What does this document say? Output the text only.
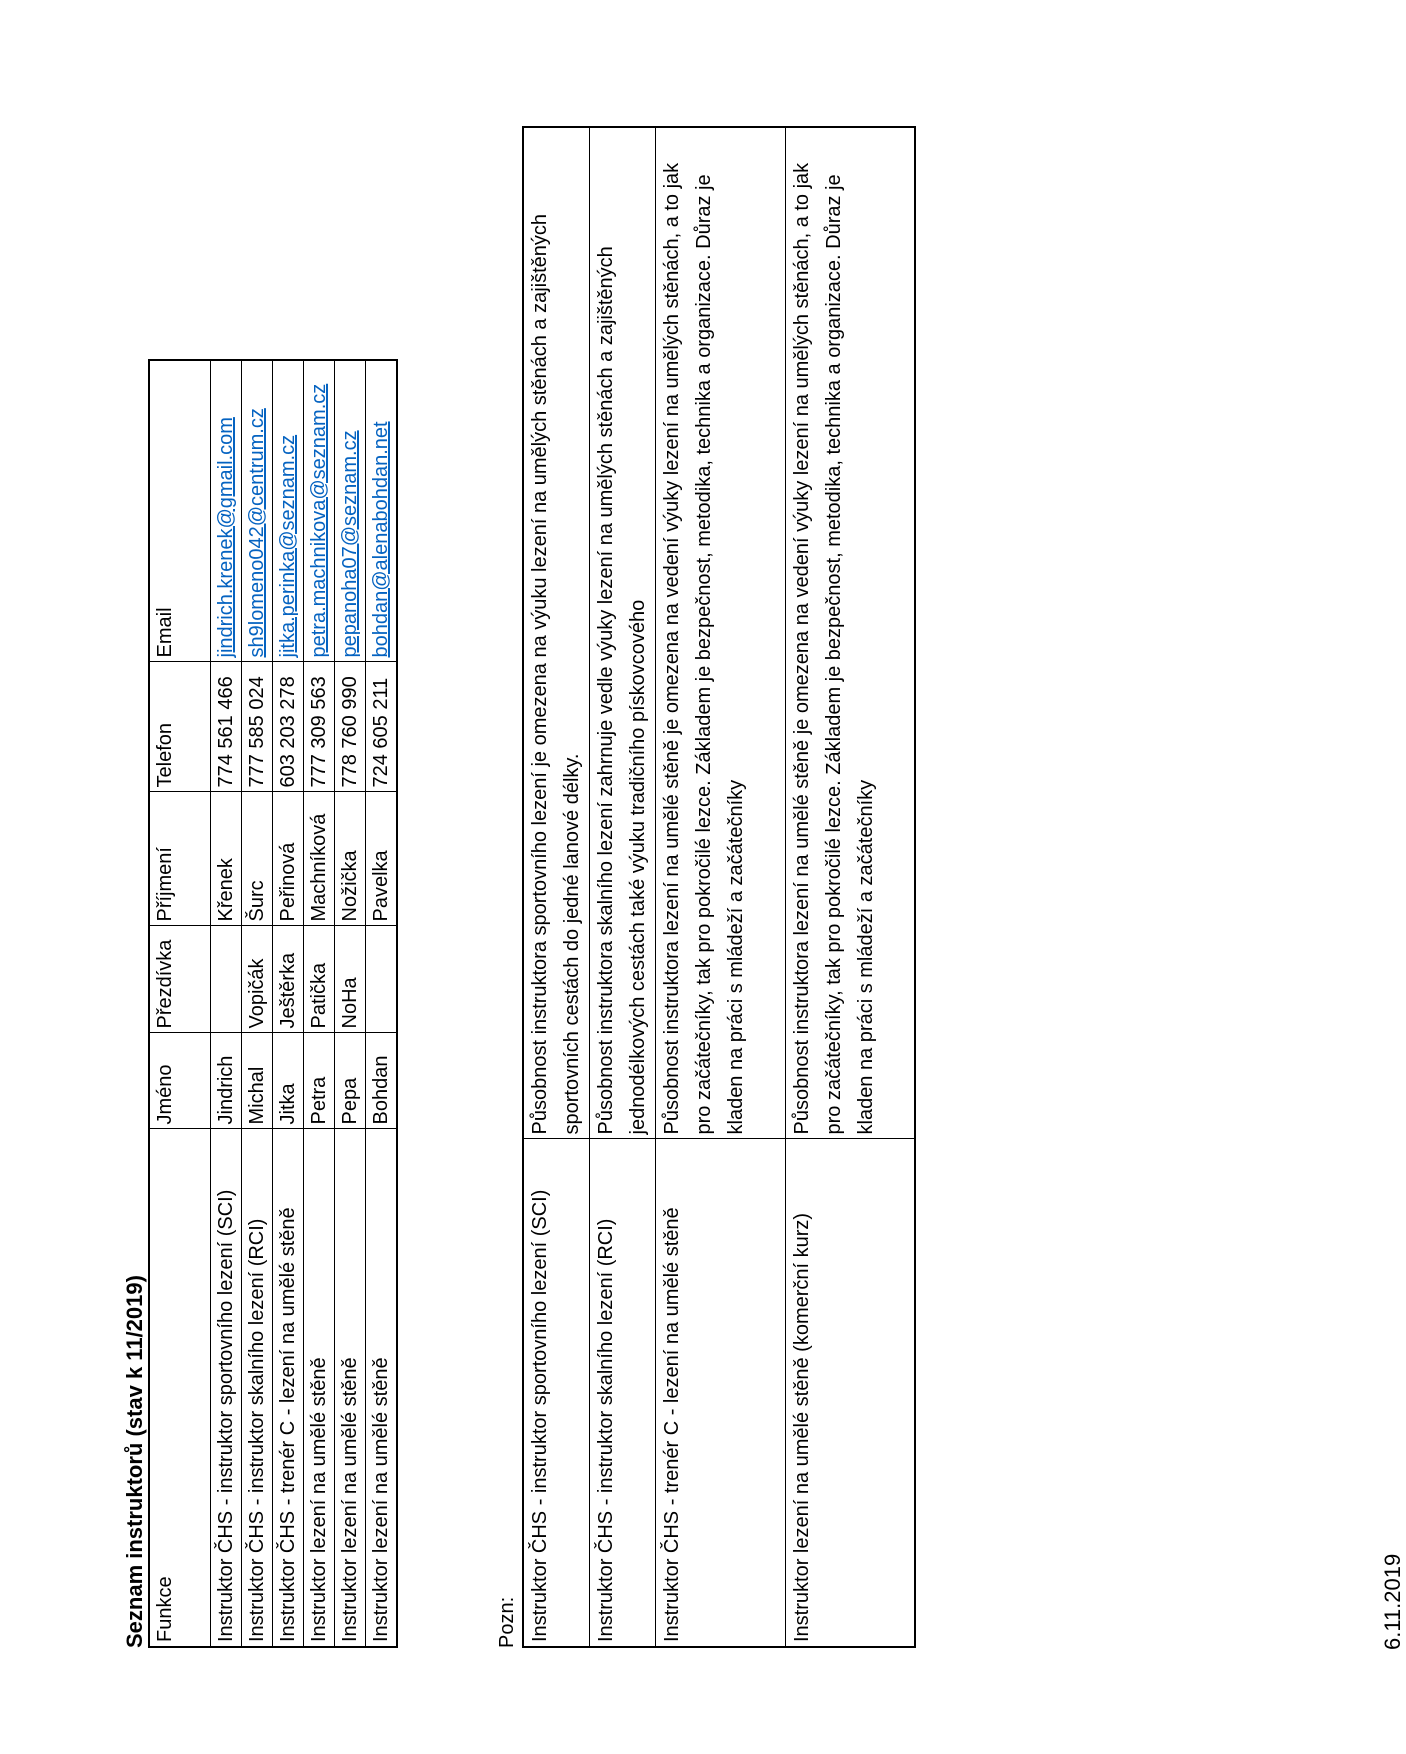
Seznam instruktorů (stav k 11/2019) Funkce	Jméno	Přezdívka	Příjmení	Telefon	Email
Instruktor ČHS - instruktor sportovního lezení (SCI)	Jindrich		Křenek	774 561 466	jindrich.krenek@gmail.com
Instruktor ČHS - instruktor skalního lezení (RCI)	Michal	Vopičák	Šurc	777 585 024	sh9lomeno042@centrum.cz
Instruktor ČHS - trenér C - lezení na umělé stěně	Jitka	Ještěrka	Peřinová	603 203 278	jitka.perinka@seznam.cz
Instruktor lezení na umělé stěně	Petra	Patička	Machníková	777 309 563	petra.machnikova@seznam.cz
Instruktor lezení na umělé stěně	Pepa	NoHa	Nožička	778 760 990	pepanoha07@seznam.cz
Instruktor lezení na umělé stěně	Bohdan		Pavelka	724 605 211	bohdan@alenabohdan.net
Pozn: Instruktor ČHS - instruktor sportovního lezení (SCI)	Působnost instruktora sportovního lezení je omezena na výuku lezení na umělých stěnách a zajištěných sportovních cestách do jedné lanové délky.
Instruktor ČHS - instruktor skalního lezení (RCI)	Působnost instruktora skalního lezení zahrnuje vedle výuky lezení na umělých stěnách a zajištěných jednodélkových cestách také výuku tradičního pískovcového
Instruktor ČHS - trenér C - lezení na umělé stěně	Působnost instruktora lezení na umělé stěně je omezena na vedení výuky lezení na umělých stěnách, a to jak pro začátečníky, tak pro pokročilé lezce. Základem je bezpečnost, metodika, technika a organizace. Důraz je kladen na práci s mládeží a začátečníky
Instruktor lezení na umělé stěně (komerční kurz)	Působnost instruktora lezení na umělé stěně je omezena na vedení výuky lezení na umělých stěnách, a to jak pro začátečníky, tak pro pokročilé lezce. Základem je bezpečnost, metodika, technika a organizace. Důraz je kladen na práci s mládeží a začátečníky
6.11.2019
